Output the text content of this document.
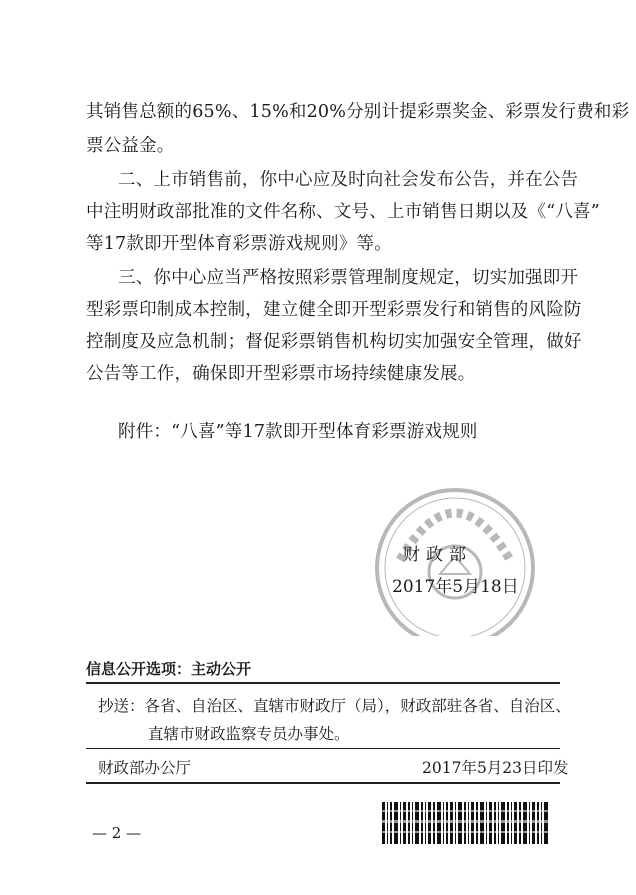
其销售总额的65%、15%和20%分别计提彩票奖金、彩票发行费和彩
票公益金。
二、上市销售前，你中心应及时向社会发布公告，并在公告
中注明财政部批准的文件名称、文号、上市销售日期以及《“八喜”
等17款即开型体育彩票游戏规则》等。
三、你中心应当严格按照彩票管理制度规定，切实加强即开
型彩票印制成本控制，建立健全即开型彩票发行和销售的风险防
控制度及应急机制；督促彩票销售机构切实加强安全管理，做好
公告等工作，确保即开型彩票市场持续健康发展。
附件：“八喜”等17款即开型体育彩票游戏规则
财政部
2017年5月18日
信息公开选项：主动公开
抄送：各省、自治区、直辖市财政厅（局），财政部驻各省、自治区、
直辖市财政监察专员办事处。
财政部办公厅	2017年5月23日印发
— 2 —
